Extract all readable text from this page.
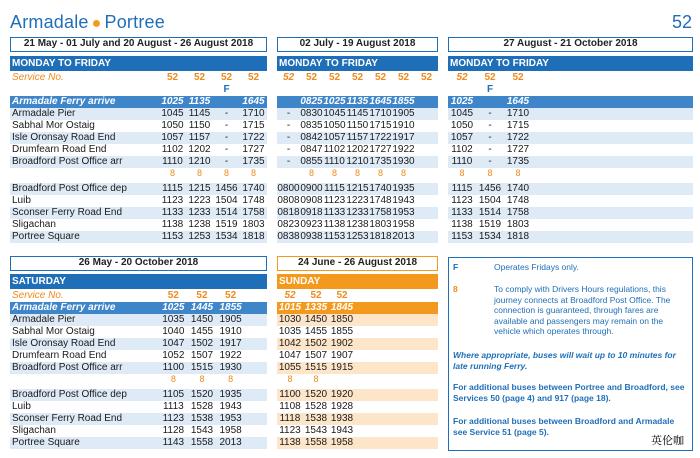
Armadale ● Portree	52
21 May - 01 July and 20 August - 26 August 2018	02 July - 19 August 2018	27 August - 21 October 2018
26 May - 20 October 2018	24 June - 26 August 2018
MONDAY TO FRIDAY				
Service No.	52	52	52	52
			F	
Armadale Ferry arrive	1025	1135		1645
Armadale Pier	1045	1145	-	1710
Sabhal Mor Ostaig	1050	1150	-	1715
Isle Oronsay Road End	1057	1157	-	1722
Drumfearn Road End	1102	1202	-	1727
Broadford Post Office arr	1110	1210	-	1735
	8	8	8	8

Broadford Post Office dep	1115	1215	1456	1740
Luib	1123	1223	1504	1748
Sconser Ferry Road End	1133	1233	1514	1758
Sligachan	1138	1238	1519	1803
Portree Square	1153	1253	1534	1818
MONDAY TO FRIDAY						
52	52	52	52	52	52	52

	0825	1025	1135	1645	1855	
-	0830	1045	1145	1710	1905	
-	0835	1050	1150	1715	1910	
-	0842	1057	1157	1722	1917	
-	0847	1102	1202	1727	1922	
-	0855	1110	1210	1735	1930	
	8	8	8	8	8	

0800	0900	1115	1215	1740	1935	
0808	0908	1123	1223	1748	1943	
0818	0918	1133	1233	1758	1953	
0823	0923	1138	1238	1803	1958	
0838	0938	1153	1253	1818	2013	
MONDAY TO FRIDAY			
52	52	52	
	F		
1025		1645	
1045	-	1710	
1050	-	1715	
1057	-	1722	
1102	-	1727	
1110	-	1735	
8	8	8	

1115	1456	1740	
1123	1504	1748	
1133	1514	1758	
1138	1519	1803	
1153	1534	1818	
SATURDAY				
Service No.	52	52	52	
Armadale Ferry arrive	1025	1445	1855	
Armadale Pier	1035	1450	1905	
Sabhal Mor Ostaig	1040	1455	1910	
Isle Oronsay Road End	1047	1502	1917	
Drumfearn Road End	1052	1507	1922	
Broadford Post Office arr	1100	1515	1930	
	8	8	8	

Broadford Post Office dep	1105	1520	1935	
Luib	1113	1528	1943	
Sconser Ferry Road End	1123	1538	1953	
Sligachan	1128	1543	1958	
Portree Square	1143	1558	2013	
SUNDAY			
52	52	52	
1015	1335	1845	
1030	1450	1850	
1035	1455	1855	
1042	1502	1902	
1047	1507	1907	
1055	1515	1915	
8	8		

1100	1520	1920	
1108	1528	1928	
1118	1538	1938	
1123	1543	1943	
1138	1558	1958	
F	Operates Fridays only.
8	To comply with Drivers Hours regulations, this journey connects at Broadford Post Office. The connection is guaranteed, through fares are available and passengers may remain on the vehicle which operates through.
Where appropriate, buses will wait up to 10 minutes for late running Ferry.
For additional buses between Portree and Broadford, see Services 50 (page 4) and 917 (page 18).
For additional buses between Broadford and Armadale see Service 51 (page 5).
英伦咖
